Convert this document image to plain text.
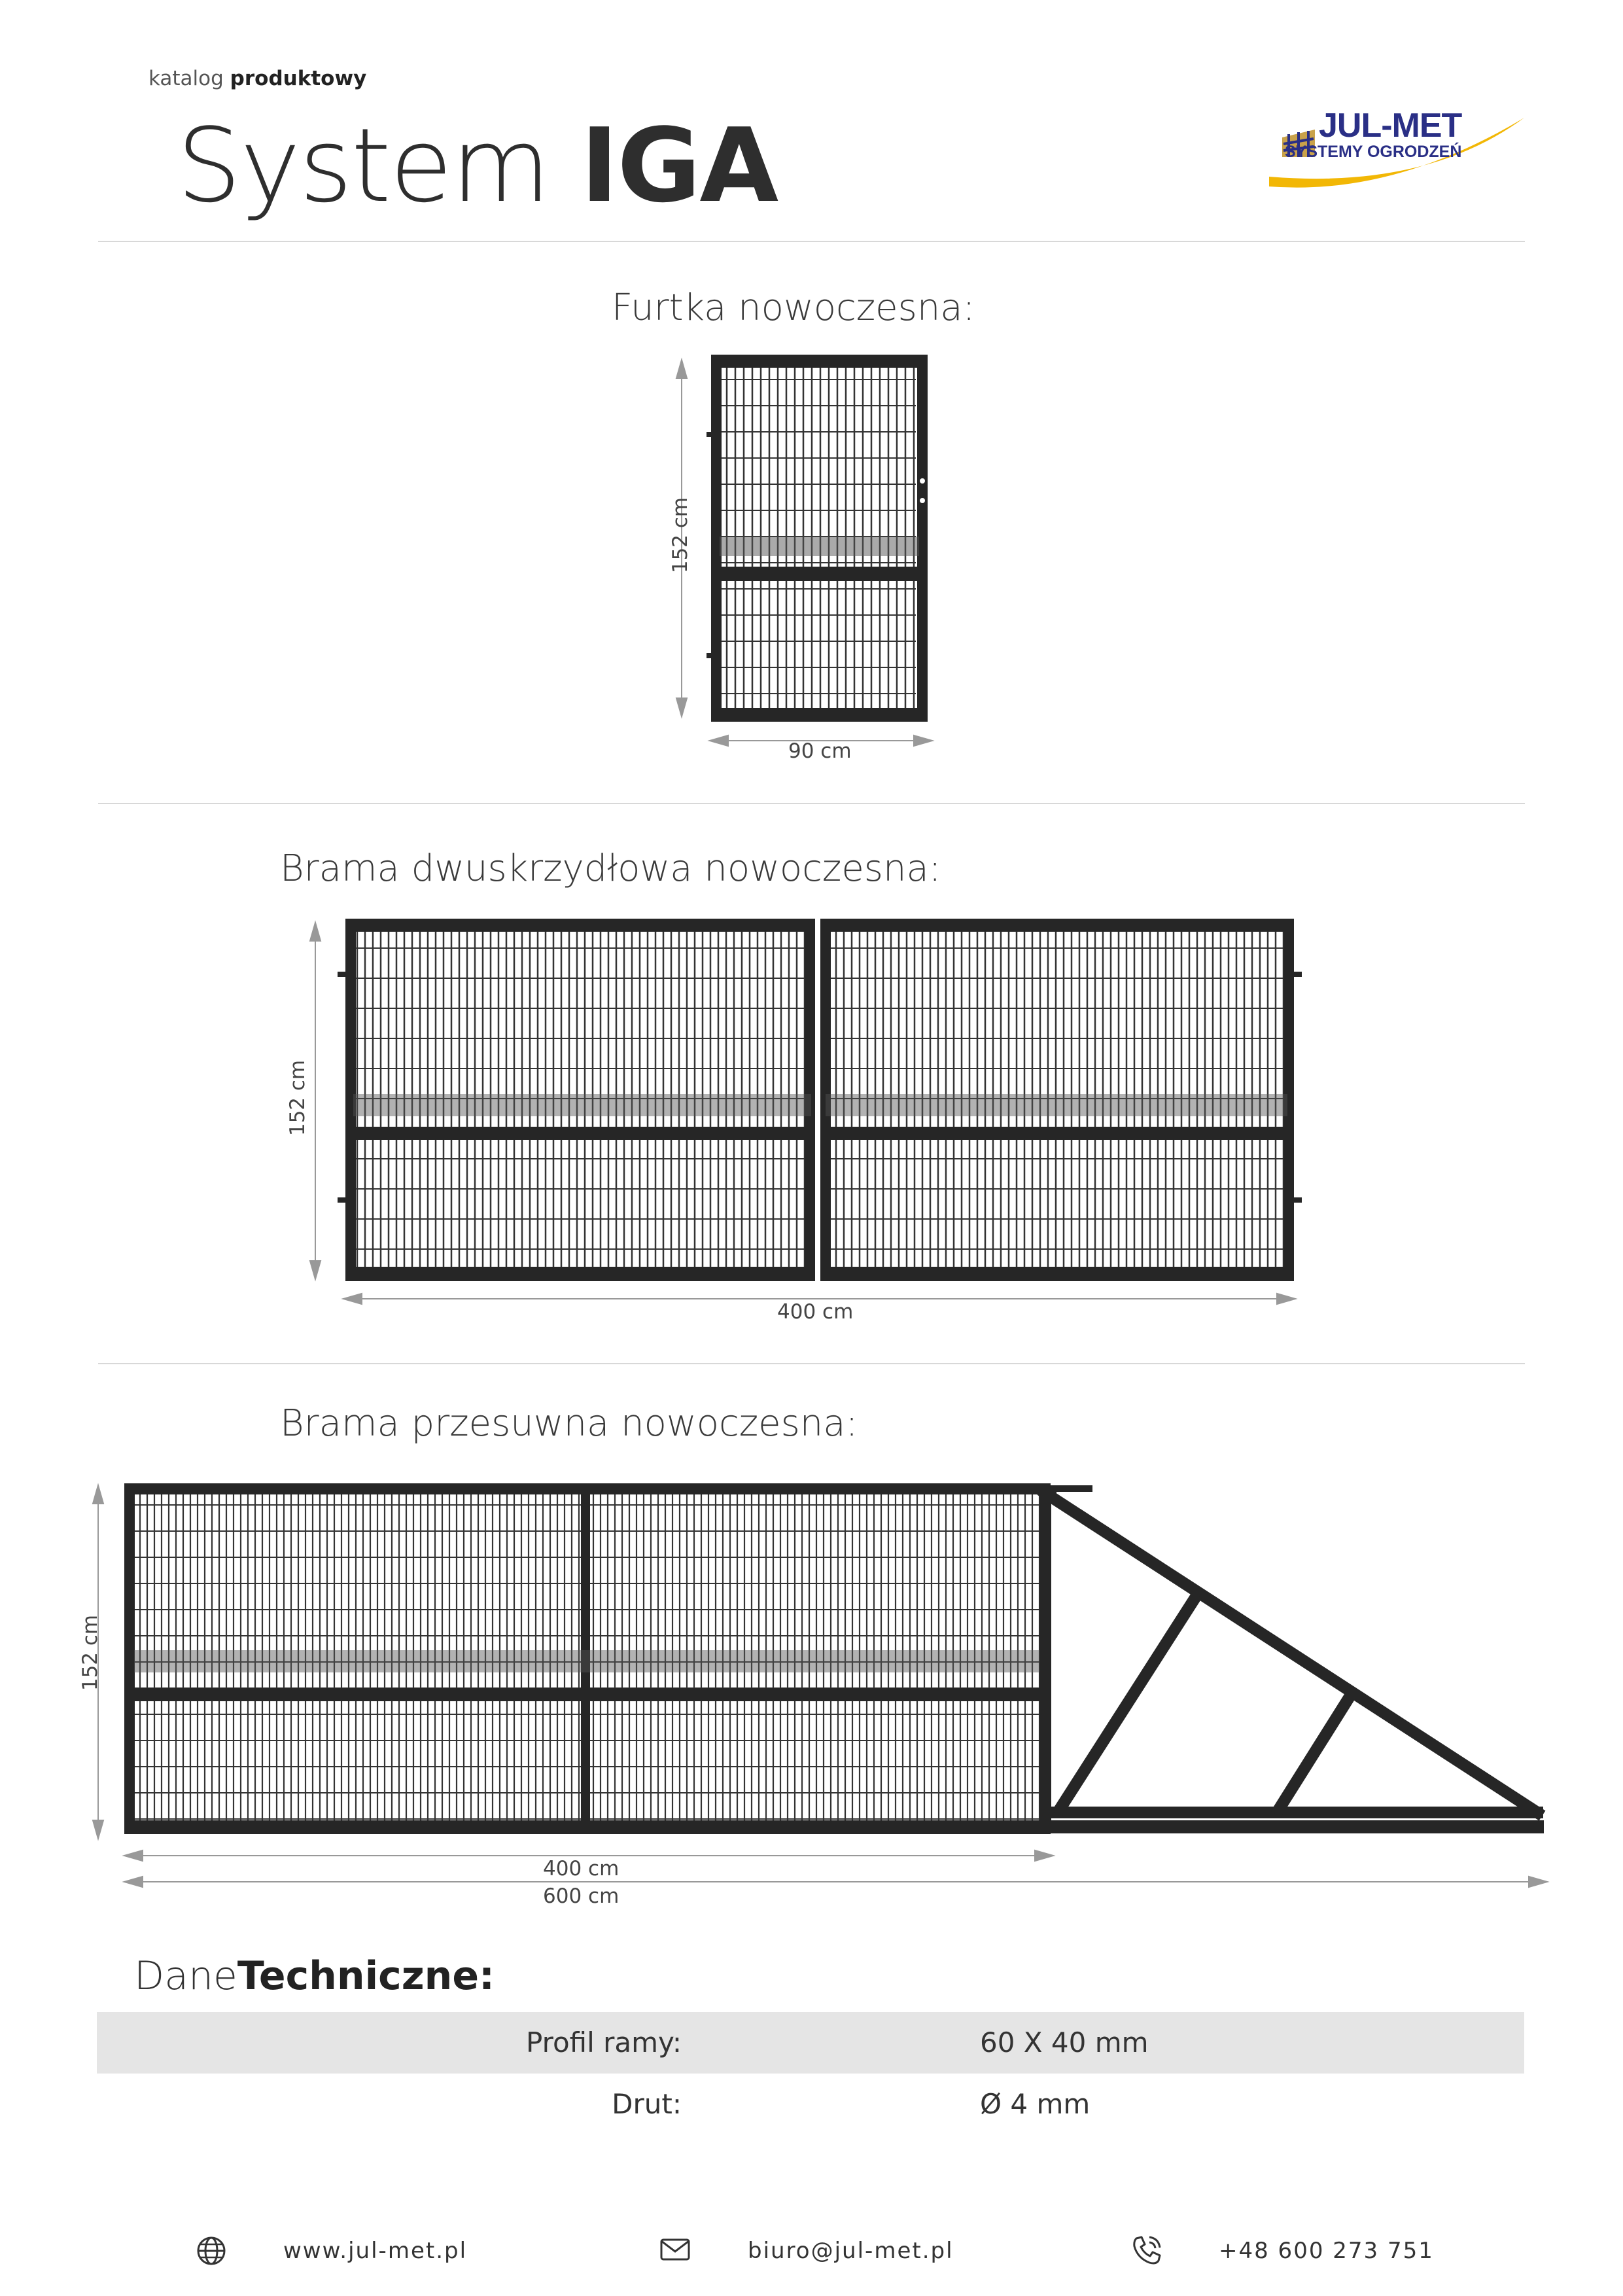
katalog produktowy
System IGA	JUL-MET
SYSTEMY OGRODZEŃ
Furtka nowoczesna:
152 cm
90 cm
Brama dwuskrzydłowa nowoczesna:
152 cm
400 cm
Brama przesuwna nowoczesna:
152 cm
400 cm
600 cm
DaneTechniczne:
Profil ramy:	60 X 40 mm
Drut:	Ø 4 mm
www.jul-met.pl	biuro@jul-met.pl	+48 600 273 751
